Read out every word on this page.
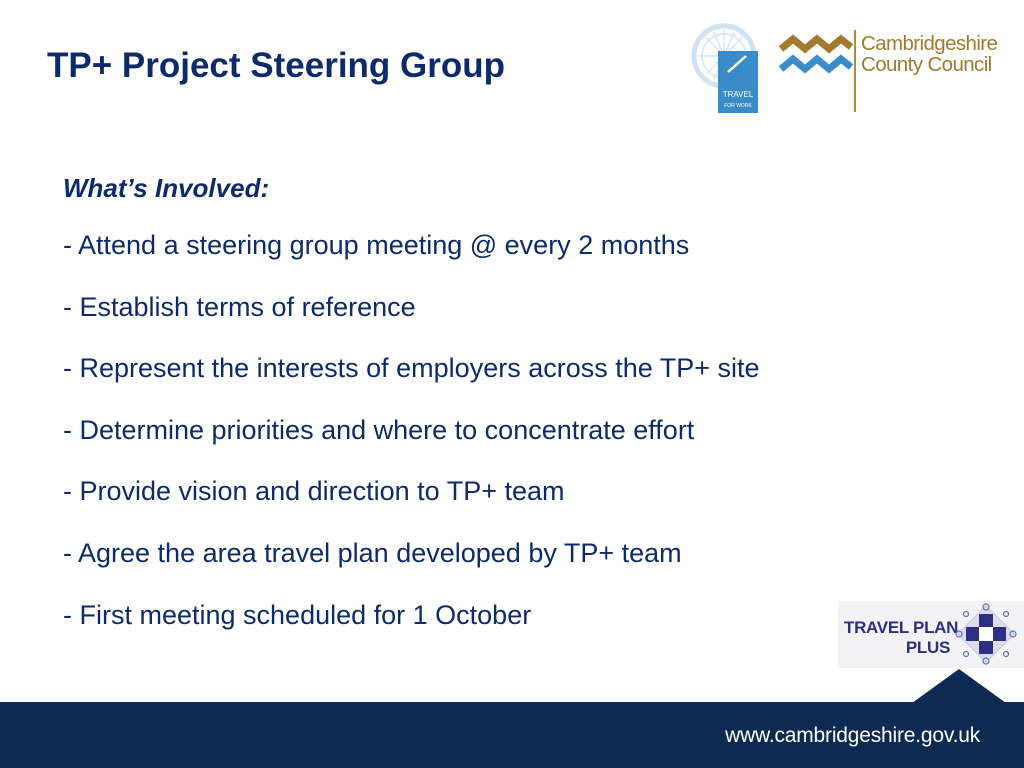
TP+ Project Steering Group
TRAVEL
FOR WORK
Cambridgeshire
County Council
What’s Involved:
- Attend a steering group meeting @ every 2 months
- Establish terms of reference
- Represent the interests of employers across the TP+ site
- Determine priorities and where to concentrate effort
- Provide vision and direction to TP+ team
- Agree the area travel plan developed by TP+ team
- First meeting scheduled for 1 October	TRAVEL PLAN
PLUS
www.cambridgeshire.gov.uk
